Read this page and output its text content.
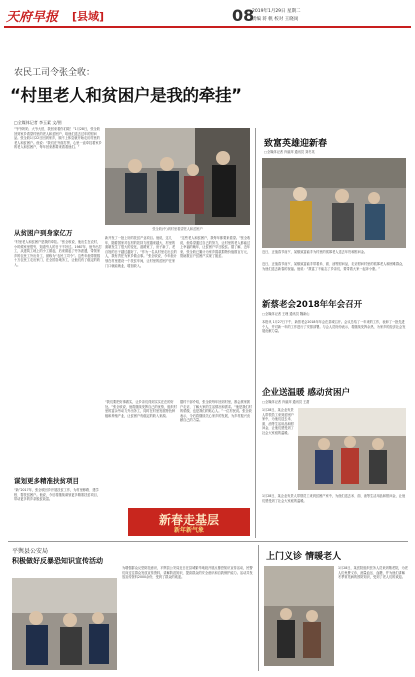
天府早报	[县域]	08
2019年1月29日 星期二
责编 蒋 帆 校对 王晓岗
农民工司令张全收：
“村里老人和贫困户是我的牵挂”
□全媒体记者 李玉素 文/图
“爷爷奶奶，大爷大伯，我回来看你们啦！”1月28日，张全收回到家乡看望村里的老人和贫困户，给他们送去过年的慰问品。张全收1月22日回到家乡，顾不上休息就开始走访村里的老人和贫困户。他说：“我们在外面打拼，心里一直牵挂着家乡的老人和贫困户，每年回来都要来看看他们。”
从贫困户到身家亿万
“村里老人和贫困户是我的牵挂。”张全收说，他出生在农村，小时候家里很穷，知道穷人的日子不好过。1987年，他外出打工，从建筑工地上的小工做起，后来做起了劳务派遣，带领家乡的农民工外出务工，被称为“农民工司令”。这些年他带领数十万农民工走出家门，在全国各地务工，让他们有了稳定的收入。
谋划更多精准扶贫项目
“新”2017年，张全收回乡开展扶贫工作，为村里修路、建学校、帮扶贫困户。他说，今后将继续谋划更多精准扶贫项目，带动更多的乡亲脱贫致富。
张全收(中)到村里看望老人和贫困户
新开发了一批上好的扶贫产业项目。他说，这几年，随着国家对农村的扶持力度越来越大，村里的面貌发生了很大的变化，道路宽了，房子新了，老百姓的日子越过越好了。“作为一名从村里走出去的人，我有责任为家乡做点事。”张全收说，今年他计划在村里建设一个扶贫车间，让村里的贫困户在家门口就能就业，增加收入。
“我们要把好事做实，让乡亲们得到实实在在的好处。”张全收说，他将继续发挥自己的优势，组织村里的富余劳动力外出务工，同时在村里发展特色种植和养殖产业，让贫困户有稳定的收入来源。
“这些老人和贫困户，我每年都要来看望。”张全收说，他希望通过自己的努力，让村里的老人都能过上幸福的晚年，让贫困户早日脱贫。据了解，近年来，张全收已累计为家乡捐款捐物价值数百万元，帮助数百户贫困户实现了脱贫。
据村干部介绍，张全收每年回到村里，都会挨家挨户走访，了解大家的生活情况和需求。“他是我们村的骄傲，也是我们的贴心人。”一位村民说。张全收表示，今后将继续关心家乡的发展，为乡村振兴贡献自己的力量。
新春走基层
新年新气象
致富英雄迎新春
□全媒体记者 肖丽萍 通讯员 刘冬英
近日，正值春节前夕，某镇致富能手为村里的孤寡老人送去年货和慰问金。
近日，正值春节前夕，某镇致富能手带着米、面、油等慰问品，走访慰问村里的孤寡老人和困难群众，为他们送去新春的祝福。他说：“我富了不能忘了乡亲们，要带着大家一起奔小康。”
新蔡老会2018年年会召开
□全媒体记者 王理 通讯员 魏新山
本报讯 1月27日下午，新蔡老会2018年年会在县城召开。会议总结了一年来的工作，表彰了一批先进个人，并对新一年的工作进行了安排部署。与会人员纷纷表示，将继续发挥余热，为家乡的经济社会发展贡献力量。
企业送温暖 感动贫困户
□全媒体记者 肖丽萍 通讯员 王甜
1月28日，某企业负责人带领员工来到贫困户家中，为他们送去米、面、油等生活用品和慰问金，让他们感受到了社会大家庭的温暖。
1月28日，某企业负责人带领员工来到贫困户家中，为他们送去米、面、油等生活用品和慰问金，让他们感受到了社会大家庭的温暖。
平舆县公安局
积极做好反暴恐知识宣传活动
为增强群众反恐防范意识，平舆县公安局近日在县城繁华地段开展反暴恐知识宣传活动，民警们向过往群众发放宣传资料，讲解防范知识，提高群众的安全意识和自我保护能力。活动共发放宣传资料2000余份，受到了群众的欢迎。
上门义诊 情暖老人
1月28日，某医院组织医务人员来到敬老院，为老人们免费义诊，测量血压、血糖，并为他们讲解冬季常见病的预防知识，受到了老人们的欢迎。
